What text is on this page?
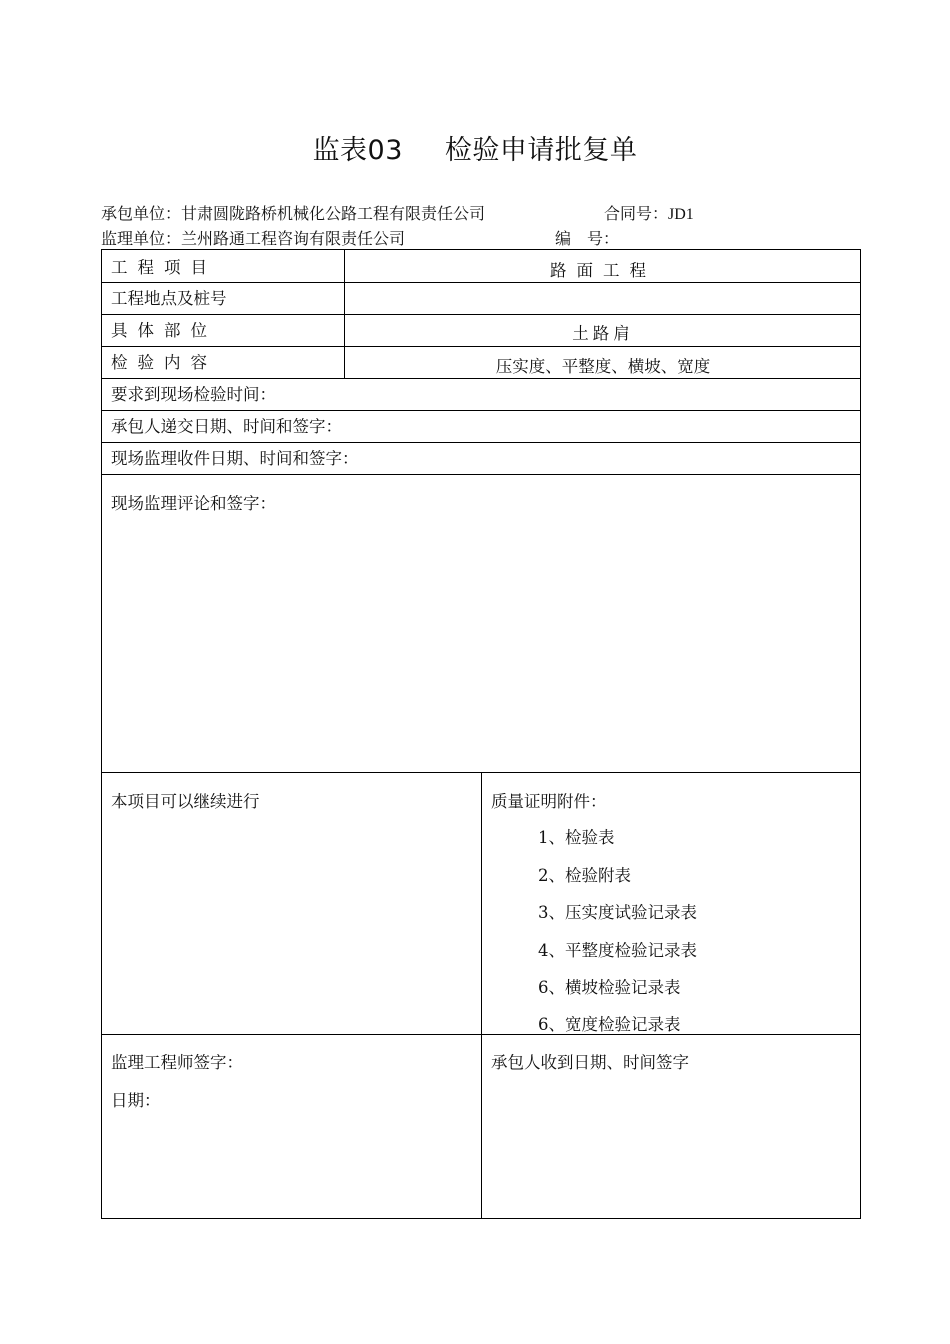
监表03 检验申请批复单
承包单位：甘肃圆陇路桥机械化公路工程有限责任公司	合同号：JD1
监理单位：兰州路通工程咨询有限责任公司	编　号：
工程项目	路面工程
工程地点及桩号
具体部位	土路肩
检验内容	压实度、平整度、横坡、宽度
要求到现场检验时间：
承包人递交日期、时间和签字：
现场监理收件日期、时间和签字：
现场监理评论和签字：
本项目可以继续进行	质量证明附件：
1、检验表
2、检验附表
3、压实度试验记录表
4、平整度检验记录表
6、横坡检验记录表
6、宽度检验记录表
监理工程师签字：
日期：
承包人收到日期、时间签字
